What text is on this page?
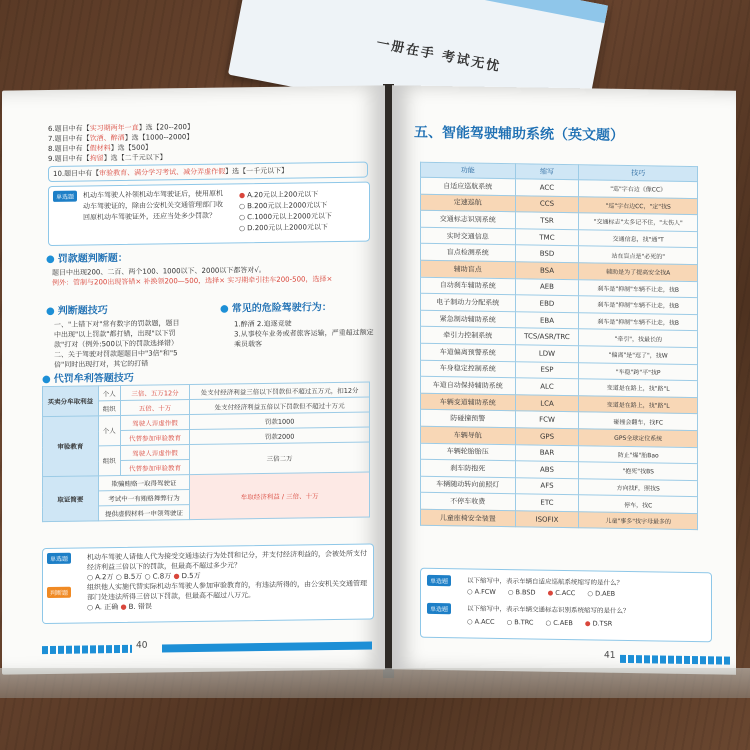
一册在手 考试无忧
6.题目中有【实习期两年一直】选【20--200】
7.题目中有【饮酒、醉酒】选【1000--2000】
8.题目中有【假材料】选【500】
9.题目中有【拘留】选【二千元以下】
10.题目中有【审验教育、满分学习考试、减分弄虚作假】选【一千元以下】
单选题	机动车驾驶人补领机动车驾驶证后，使用原机动车驾驶证的，除由公安机关交通管理部门收回原机动车驾驶证外，还应当处多少罚款？
● A.20元以上200元以下
○ B.200元以上2000元以下
○ C.1000元以上2000元以下
○ D.200元以上2000元以下
● 罚款题判断题：
题目中出现200、二百、两个100、1000以下、2000以下都答对√。
例外：管制与200出现答错× 补换领200—500，选择× 实习期牵引挂车200-500，选择×
● 判断题技巧
一、"上错下对"常有数字的罚款题，题目中出现"以上罚款"都打错，出现"以下罚款"打对（例外:500以下的罚款选择错）
二、关于驾驶对罚款题题目中"3倍"和"5倍"同时出现打对，其它的打错
● 常见的危险驾驶行为：
1.醉酒 2.追逐竞驶
3.从事校车业务或者旅客运输，严重超过额定乘员载客
● 代罚牟利答题技巧
买卖分牟取利益	个人	三倍、五万12分	处支付经济利益三倍以下罚款但不超过五万元，扣12分
	组织	五倍、十万	处支付经济利益五倍以下罚款但不超过十万元
审验教育	个人	驾驶人弄虚作假	罚款1000
		代替参加审验教育	罚款2000
	组织	驾驶人弄虚作假	三倍二万
		代替参加审验教育	
取证简要	欺骗贿赂一取得驾驶证		牟取经济利益 / 三倍、十万
	考试中一有贿赂舞弊行为		
	提供虚假材料一申领驾驶证		
单选题	机动车驾驶人请他人代为接受交通违法行为处罚和记分，并支付经济利益的，会被处所支付经济利益三倍以下的罚款，但最高不超过多少元？
○ A.2万 ○ B.5万 ○ C.8万 ● D.5万
组织他人实施代替实际机动车驾驶人参加审验教育的，有违法所得的，由公安机关交通管理部门处违法所得三倍以下罚款，但最高不超过八万元。
○ A. 正确 ● B. 错误
判断题
40
五、智能驾驶辅助系统（英文题）
功能	缩写	技巧
自适应巡航系统	ACC	"巡"字右边《像CC》
定速巡航	CCS	"巡"字右边CC，"定"找S
交通标志识别系统	TSR	"交通标志"太多记不住，"太伤人"
实时交通信息	TMC	交通信息，找"通"T
盲点检测系统	BSD	站在盲点是"必死的"
辅助盲点	BSA	辅助是为了提高安全找A
自动刹车辅助系统	AEB	刹车是"抑制"车辆不让走，找B
电子制动力分配系统	EBD	刹车是"抑制"车辆不让走，找B
紧急制动辅助系统	EBA	刹车是"抑制"车辆不让走，找B
牵引力控制系统	TCS/ASR/TRC	"牵引"，找最长的
车道偏离预警系统	LDW	"偏离"是"逗了"，找W
车身稳定控制系统	ESP	"车稳"跨"平"找P
车道自动保持辅助系统	ALC	变道是在路上，找"路"L
车辆变道辅助系统	LCA	变道是在路上，找"路"L
防碰撞预警	FCW	碰撞会翻车，找FC
车辆导航	GPS	GPS全球定位系统
车辆轮胎胎压	BAR	防止"爆"胎Bao
刹车防抱死	ABS	"抱死"找BS
车辆随动转向前照灯	AFS	方向找F，照找S
不停车收费	ETC	停车，找C
儿童座椅安全装置	ISOFIX	儿童"事多"找字母最多的
单选题	以下缩写中，表示车辆自适应巡航系统缩写的是什么？
○ A.FCW	○ B.BSD	● C.ACC	○ D.AEB
单选题	以下缩写中，表示车辆交通标志识别系统缩写的是什么？
○ A.ACC	○ B.TRC	○ C.AEB	● D.TSR
41
